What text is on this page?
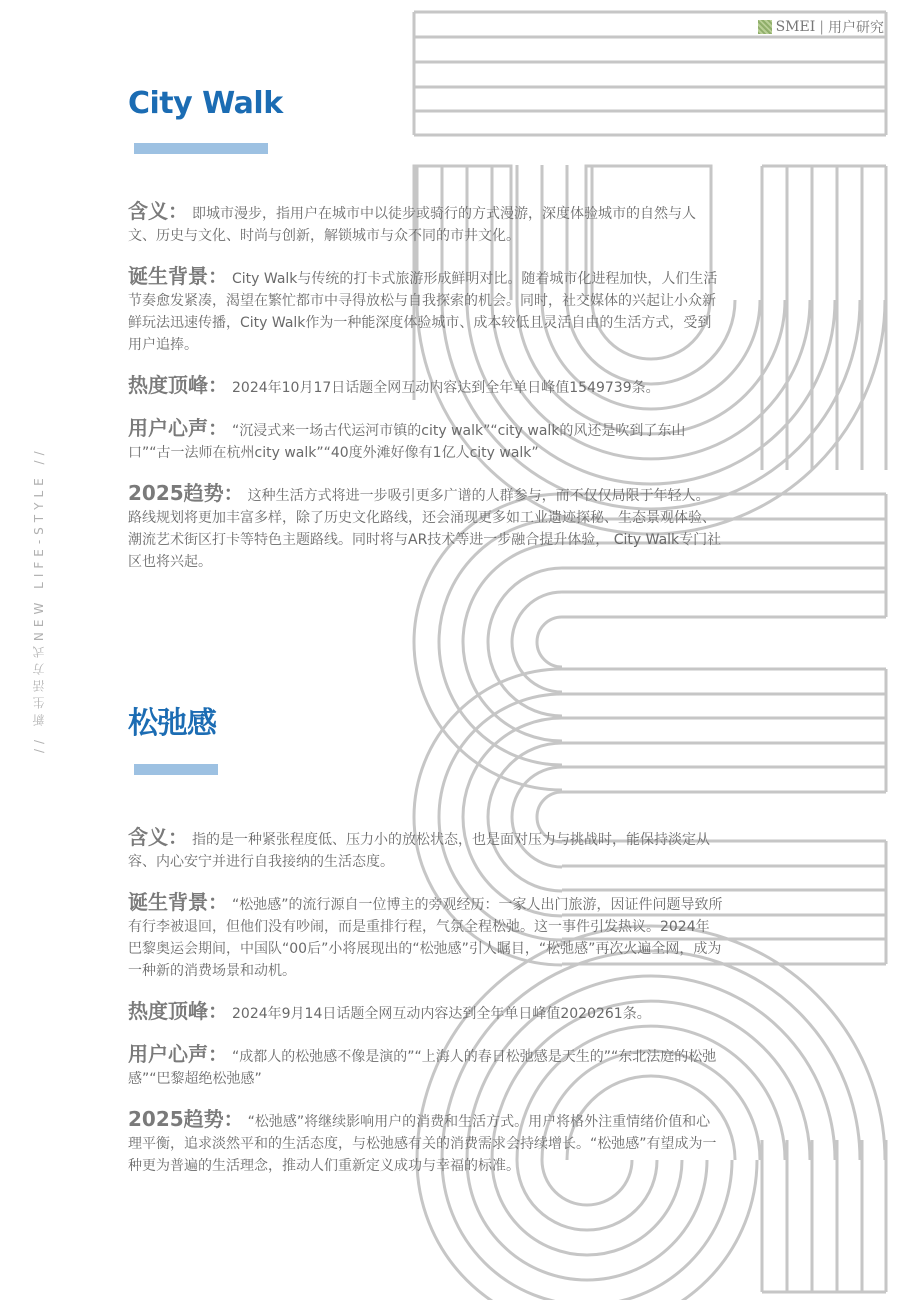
SMEI | 用户研究
// 新生活方式NEW LIFE-STYLE //
City Walk

含义： 即城市漫步，指用户在城市中以徒步或骑行的方式漫游，深度体验城市的自然与人文、历史与文化、时尚与创新，解锁城市与众不同的市井文化。

诞生背景： City Walk与传统的打卡式旅游形成鲜明对比。随着城市化进程加快，人们生活节奏愈发紧凑，渴望在繁忙都市中寻得放松与自我探索的机会。同时，社交媒体的兴起让小众新鲜玩法迅速传播，City Walk作为一种能深度体验城市、成本较低且灵活自由的生活方式，受到用户追捧。

热度顶峰： 2024年10月17日话题全网互动内容达到全年单日峰值1549739条。

用户心声： “沉浸式来一场古代运河市镇的city walk”“city walk的风还是吹到了东山口”“古一法师在杭州city walk”“40度外滩好像有1亿人city walk”

2025趋势： 这种生活方式将进一步吸引更多广谱的人群参与，而不仅仅局限于年轻人。路线规划将更加丰富多样，除了历史文化路线，还会涌现更多如工业遗迹探秘、生态景观体验、潮流艺术街区打卡等特色主题路线。同时将与AR技术等进一步融合提升体验， City Walk专门社区也将兴起。

松弛感

含义： 指的是一种紧张程度低、压力小的放松状态，也是面对压力与挑战时，能保持淡定从容、内心安宁并进行自我接纳的生活态度。

诞生背景： “松弛感”的流行源自一位博主的旁观经历：一家人出门旅游，因证件问题导致所有行李被退回，但他们没有吵闹，而是重排行程，气氛全程松弛。这一事件引发热议。2024年巴黎奥运会期间，中国队“00后”小将展现出的“松弛感”引人瞩目，“松弛感”再次火遍全网，成为一种新的消费场景和动机。

热度顶峰： 2024年9月14日话题全网互动内容达到全年单日峰值2020261条。

用户心声： “成都人的松弛感不像是演的”“上海人的春日松弛感是天生的”“东北法庭的松弛感”“巴黎超绝松弛感”

2025趋势： “松弛感”将继续影响用户的消费和生活方式。用户将格外注重情绪价值和心理平衡，追求淡然平和的生活态度，与松弛感有关的消费需求会持续增长。“松弛感”有望成为一种更为普遍的生活理念，推动人们重新定义成功与幸福的标准。
